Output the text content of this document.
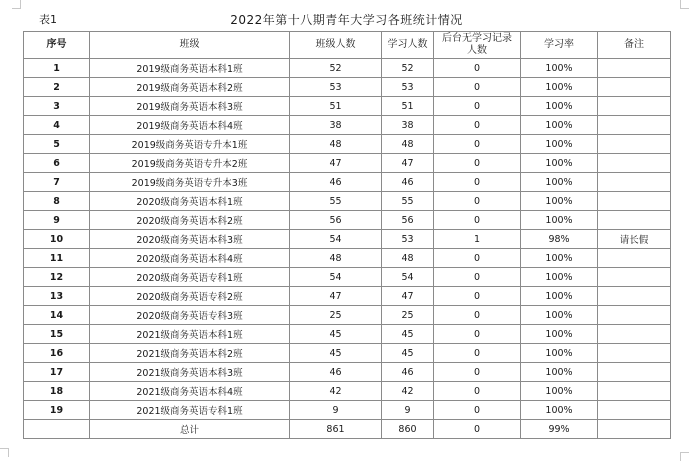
表1	2022年第十八期青年大学习各班统计情况
序号	班级	班级人数	学习人数	后台无学习记录人数	学习率	备注
1	2019级商务英语本科1班	52	52	0	100%	
2	2019级商务英语本科2班	53	53	0	100%	
3	2019级商务英语本科3班	51	51	0	100%	
4	2019级商务英语本科4班	38	38	0	100%	
5	2019级商务英语专升本1班	48	48	0	100%	
6	2019级商务英语专升本2班	47	47	0	100%	
7	2019级商务英语专升本3班	46	46	0	100%	
8	2020级商务英语本科1班	55	55	0	100%	
9	2020级商务英语本科2班	56	56	0	100%	
10	2020级商务英语本科3班	54	53	1	98%	请长假
11	2020级商务英语本科4班	48	48	0	100%	
12	2020级商务英语专科1班	54	54	0	100%	
13	2020级商务英语专科2班	47	47	0	100%	
14	2020级商务英语专科3班	25	25	0	100%	
15	2021级商务英语本科1班	45	45	0	100%	
16	2021级商务英语本科2班	45	45	0	100%	
17	2021级商务英语本科3班	46	46	0	100%	
18	2021级商务英语本科4班	42	42	0	100%	
19	2021级商务英语专科1班	9	9	0	100%	
	总计	861	860	0	99%	
